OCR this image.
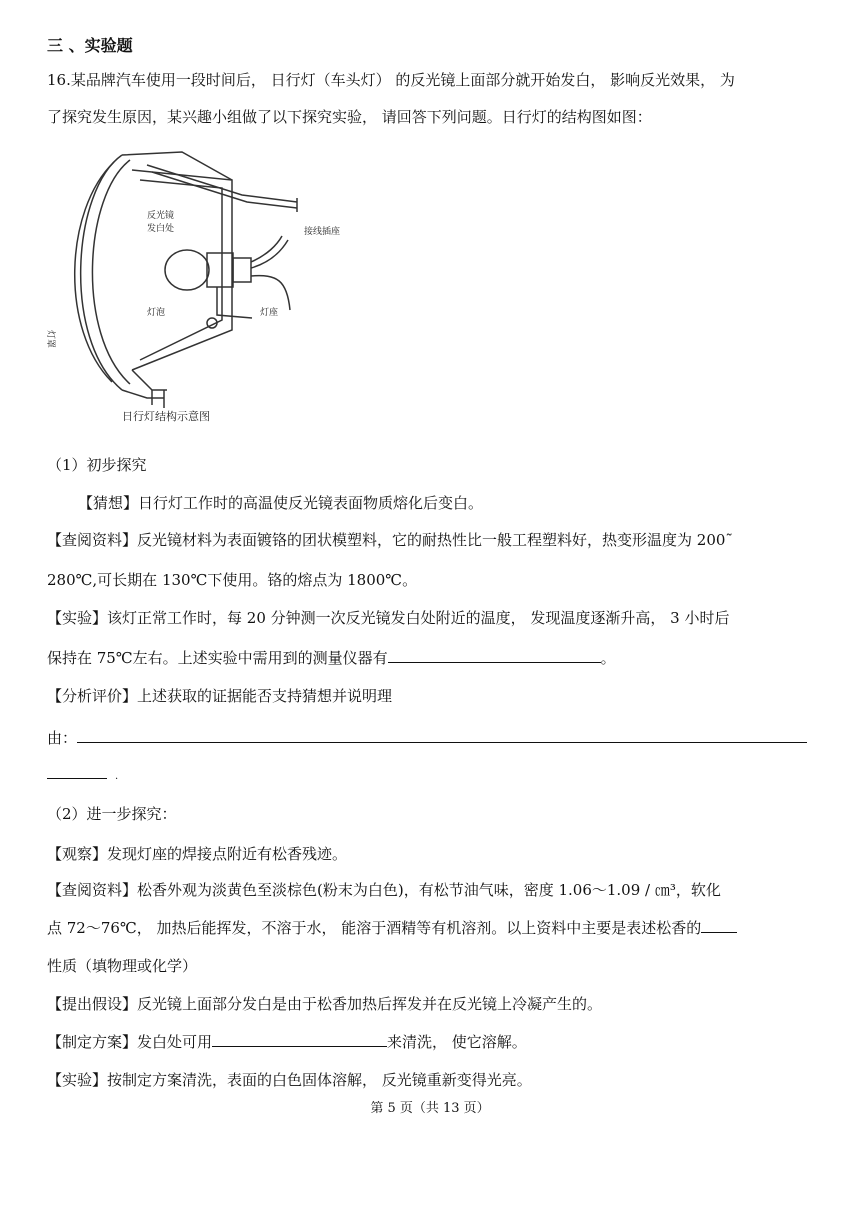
三 、实验题
16.某品牌汽车使用一段时间后， 日行灯（车头灯） 的反光镜上面部分就开始发白， 影响反光效果， 为
了探究发生原因，某兴趣小组做了以下探究实验， 请回答下列问题。日行灯的结构图如图：
反光镜
发白处	接线插座
灯泡	灯座
灯罩
日行灯结构示意图
（1）初步探究
【猜想】日行灯工作时的高温使反光镜表面物质熔化后变白。
【查阅资料】反光镜材料为表面镀铬的团状模塑料，它的耐热性比一般工程塑料好，热变形温度为 200˜
280℃,可长期在 130℃下使用。铬的熔点为 1800℃。
【实验】该灯正常工作时，每 20 分钟测一次反光镜发白处附近的温度， 发现温度逐渐升高， 3 小时后
保持在 75℃左右。上述实验中需用到的测量仪器有	。
【分析评价】上述获取的证据能否支持猜想并说明理
由：
.
（2）进一步探究：
【观察】发现灯座的焊接点附近有松香残迹。
【查阅资料】松香外观为淡黄色至淡棕色(粉末为白色)，有松节油气味，密度 1.06～1.09 / ㎝³，软化
点 72～76℃， 加热后能挥发，不溶于水， 能溶于酒精等有机溶剂。以上资料中主要是表述松香的
性质（填物理或化学）
【提出假设】反光镜上面部分发白是由于松香加热后挥发并在反光镜上冷凝产生的。
【制定方案】发白处可用	来清洗， 使它溶解。
【实验】按制定方案清洗，表面的白色固体溶解， 反光镜重新变得光亮。
第 5 页（共 13 页）
